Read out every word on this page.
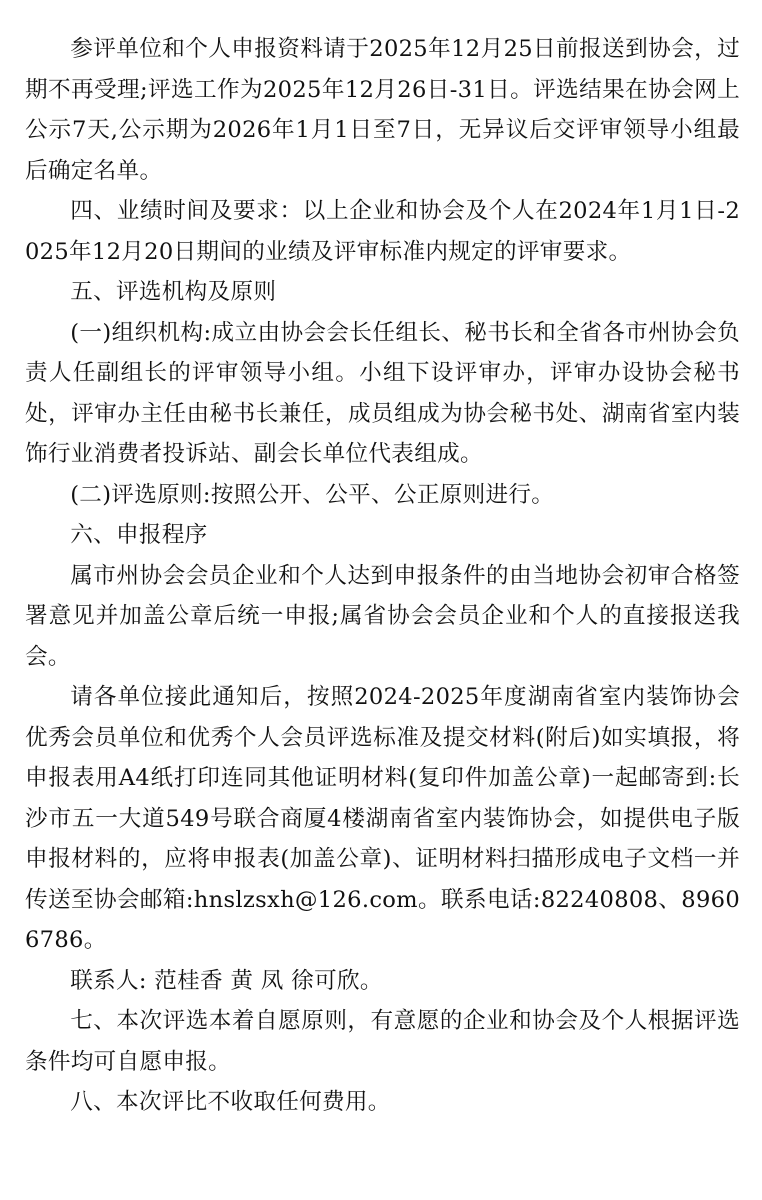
参评单位和个人申报资料请于2025年12月25日前报送到协会，过期不再受理;评选工作为2025年12月26日-31日。评选结果在协会网上公示7天,公示期为2026年1月1日至7日，无异议后交评审领导小组最后确定名单。

四、业绩时间及要求：以上企业和协会及个人在2024年1月1日-2025年12月20日期间的业绩及评审标准内规定的评审要求。

五、评选机构及原则

(一)组织机构:成立由协会会长任组长、秘书长和全省各市州协会负责人任副组长的评审领导小组。小组下设评审办，评审办设协会秘书处，评审办主任由秘书长兼任，成员组成为协会秘书处、湖南省室内装饰行业消费者投诉站、副会长单位代表组成。

(二)评选原则:按照公开、公平、公正原则进行。

六、申报程序

属市州协会会员企业和个人达到申报条件的由当地协会初审合格签署意见并加盖公章后统一申报;属省协会会员企业和个人的直接报送我会。

请各单位接此通知后，按照2024-2025年度湖南省室内装饰协会优秀会员单位和优秀个人会员评选标准及提交材料(附后)如实填报，将申报表用A4纸打印连同其他证明材料(复印件加盖公章)一起邮寄到:长沙市五一大道549号联合商厦4楼湖南省室内装饰协会，如提供电子版申报材料的，应将申报表(加盖公章)、证明材料扫描形成电子文档一并传送至协会邮箱:hnslzsxh@126.com。联系电话:82240808、89606786。

联系人: 范桂香 黄 凤 徐可欣。

七、本次评选本着自愿原则，有意愿的企业和协会及个人根据评选条件均可自愿申报。

八、本次评比不收取任何费用。
